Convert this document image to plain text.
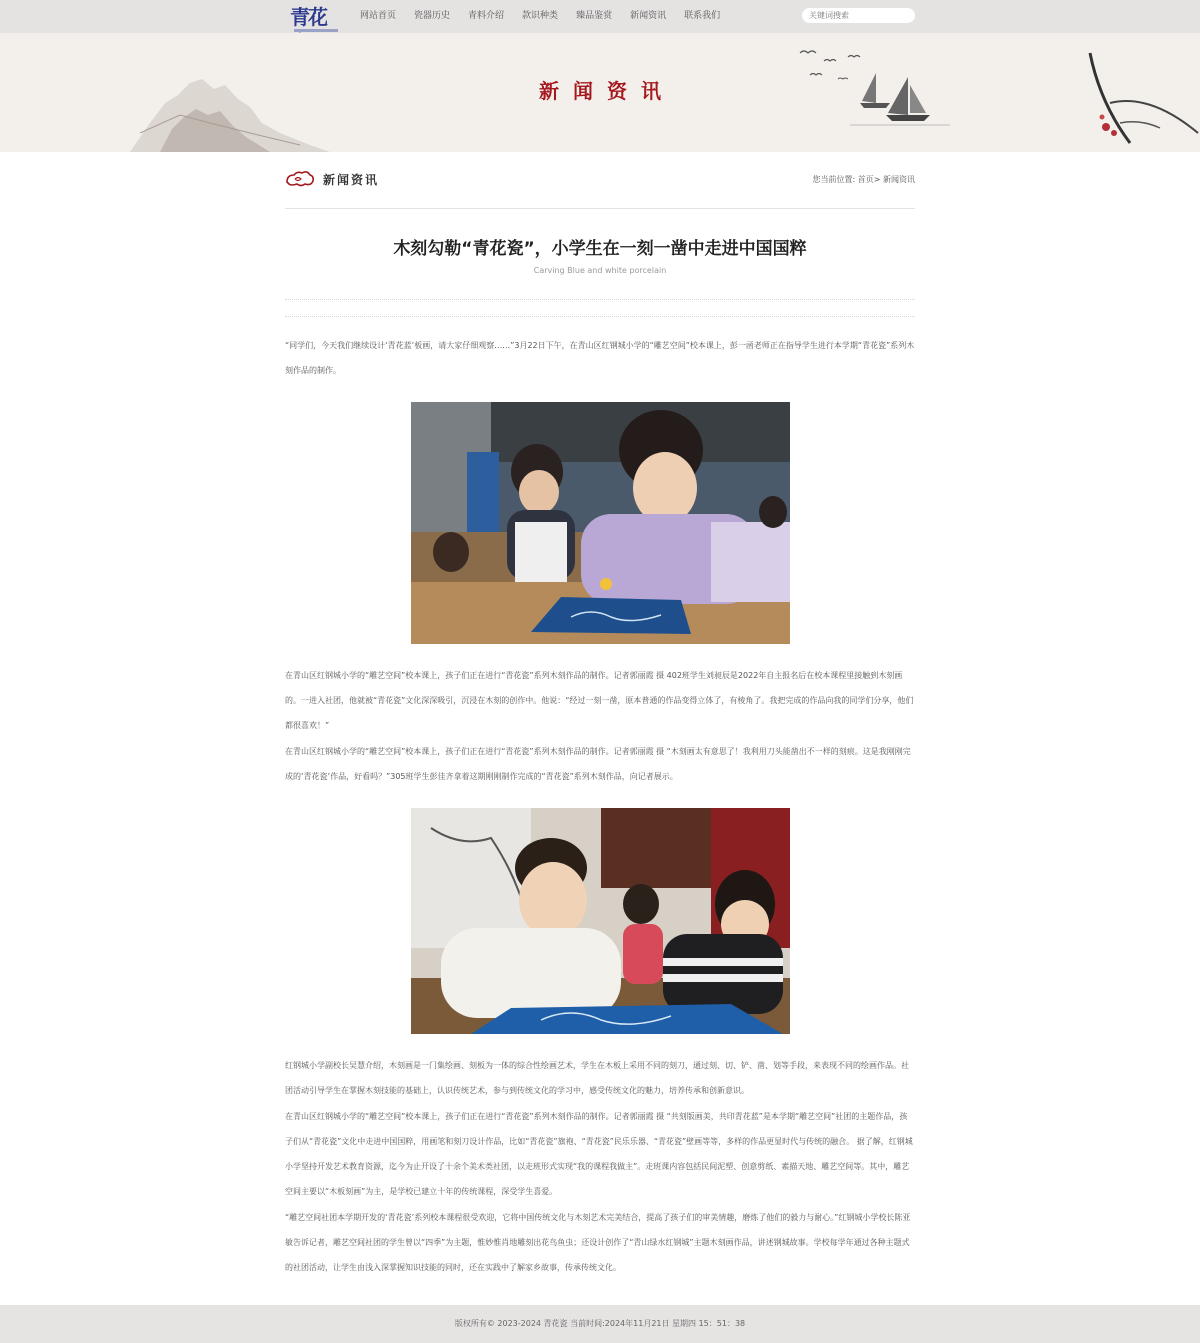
青花	网站首页	瓷器历史	青料介绍	款识种类	臻品鉴赏	新闻资讯	联系我们
关键词搜索
新闻资讯
新闻资讯	您当前位置: 首页> 新闻资讯
木刻勾勒“青花瓷”，小学生在一刻一凿中走进中国国粹
Carving Blue and white porcelain
“同学们，今天我们继续设计‘青花蓝’板画，请大家仔细观察……”3月22日下午，在青山区红钢城小学的“雕艺空间”校本课上，彭一函老师正在指导学生进行本学期“青花瓷”系列木刻作品的制作。
在青山区红钢城小学的“雕艺空间”校本课上，孩子们正在进行“青花瓷”系列木刻作品的制作。记者郭丽霞 摄 402班学生刘昶辰是2022年自主报名后在校本课程里接触到木刻画的。一进入社团，他就被“青花瓷”文化深深吸引，沉浸在木刻的创作中。他说：“经过一刻一凿，原本普通的作品变得立体了，有棱角了。我把完成的作品向我的同学们分享，他们都很喜欢！”
在青山区红钢城小学的“雕艺空间”校本课上，孩子们正在进行“青花瓷”系列木刻作品的制作。记者郭丽霞 摄 “木刻画太有意思了！我利用刀头能凿出不一样的刻痕。这是我刚刚完成的‘青花瓷’作品，好看吗？”305班学生彭佳齐拿着这期刚刚制作完成的“青花瓷”系列木刻作品，向记者展示。
红钢城小学副校长吴慧介绍，木刻画是一门集绘画、刻板为一体的综合性绘画艺术，学生在木板上采用不同的刻刀，通过刻、切、铲、凿、划等手段，来表现不同的绘画作品。社团活动引导学生在掌握木刻技能的基础上，认识传统艺术，参与到传统文化的学习中，感受传统文化的魅力，培养传承和创新意识。
在青山区红钢城小学的“雕艺空间”校本课上，孩子们正在进行“青花瓷”系列木刻作品的制作。记者郭丽霞 摄 “共刻版画美，共印青花蓝”是本学期“雕艺空间”社团的主题作品，孩子们从“青花瓷”文化中走进中国国粹，用画笔和刻刀设计作品，比如“青花瓷”旗袍、“青花瓷”民乐乐器、“青花瓷”壁画等等，多样的作品更显时代与传统的融合。 据了解，红钢城小学坚持开发艺术教育资源，迄今为止开设了十余个美术类社团，以走班形式实现“我的课程我做主”。走班课内容包括民间泥塑、创意剪纸、素描天地、雕艺空间等。其中，雕艺空间主要以“木板刻画”为主，是学校已建立十年的传统课程，深受学生喜爱。
“雕艺空间社团本学期开发的‘青花瓷’系列校本课程很受欢迎，它将中国传统文化与木刻艺术完美结合，提高了孩子们的审美情趣，磨炼了他们的毅力与耐心。”红钢城小学校长陈亚敏告诉记者，雕艺空间社团的学生曾以“四季”为主题，惟妙惟肖地雕刻出花鸟鱼虫；还设计创作了“青山绿水红钢城”主题木刻画作品，讲述钢城故事。学校每学年通过各种主题式的社团活动，让学生由浅入深掌握知识技能的同时，还在实践中了解家乡故事，传承传统文化。
版权所有© 2023-2024 青花瓷 当前时间:2024年11月21日 星期四 15：51：38
